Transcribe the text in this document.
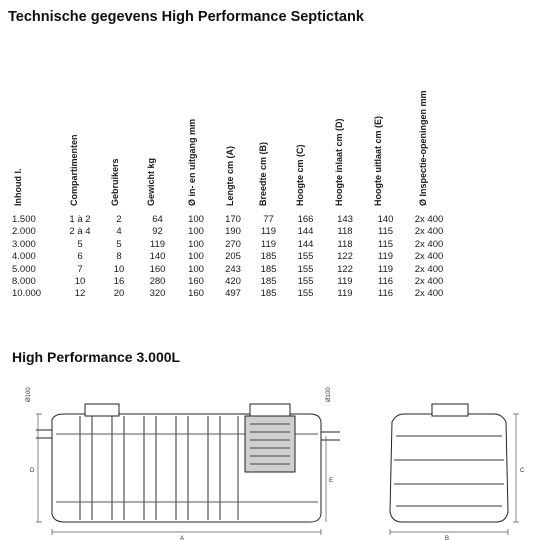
Technische gegevens High Performance Septictank
Inhoud l.	Compartimenten	Gebruikers	Gewicht kg	Ø in- en uitgang mm	Lengte cm (A)	Breedte cm (B)	Hoogte cm (C)	Hoogte inlaat cm (D)	Hoogte uitlaat cm (E)	Ø Inspectie-openingen mm
1.500	1 à 2	2	64	100	170	77	166	143	140	2x 400
2.000	2 à 4	4	92	100	190	119	144	118	115	2x 400
3.000	5	5	119	100	270	119	144	118	115	2x 400
4.000	6	8	140	100	205	185	155	122	119	2x 400
5.000	7	10	160	100	243	185	155	122	119	2x 400
8.000	10	16	280	160	420	185	155	119	116	2x 400
10.000	12	20	320	160	497	185	155	119	116	2x 400
High Performance 3.000L
Ø100	Ø100
D
E
A	B
C
